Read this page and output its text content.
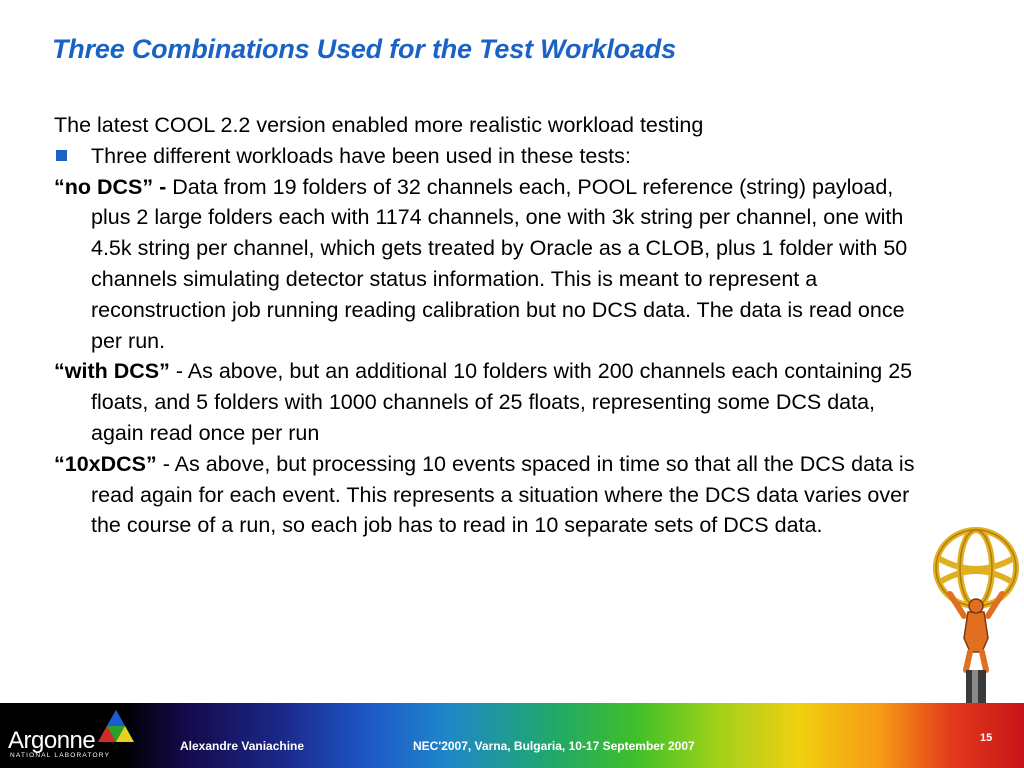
Three Combinations Used for the Test Workloads

The latest COOL 2.2 version enabled more realistic workload testing

Three different workloads have been used in these tests:

“no DCS” - Data from 19 folders of 32 channels each, POOL reference (string) payload, plus 2 large folders each with 1174 channels, one with 3k string per channel, one with 4.5k string per channel, which gets treated by Oracle as a CLOB, plus 1 folder with 50 channels simulating detector status information. This is meant to represent a reconstruction job running reading calibration but no DCS data. The data is read once per run.

“with DCS” - As above, but an additional 10 folders with 200 channels each containing 25 floats, and 5 folders with 1000 channels of 25 floats, representing some DCS data, again read once per run

“10xDCS” - As above, but processing 10 events spaced in time so that all the DCS data is read again for each event. This represents a situation where the DCS data varies over the course of a run, so each job has to read in 10 separate sets of DCS data.

Argonne
NATIONAL LABORATORY
Alexandre Vaniachine	NEC'2007, Varna, Bulgaria, 10-17 September 2007
15
